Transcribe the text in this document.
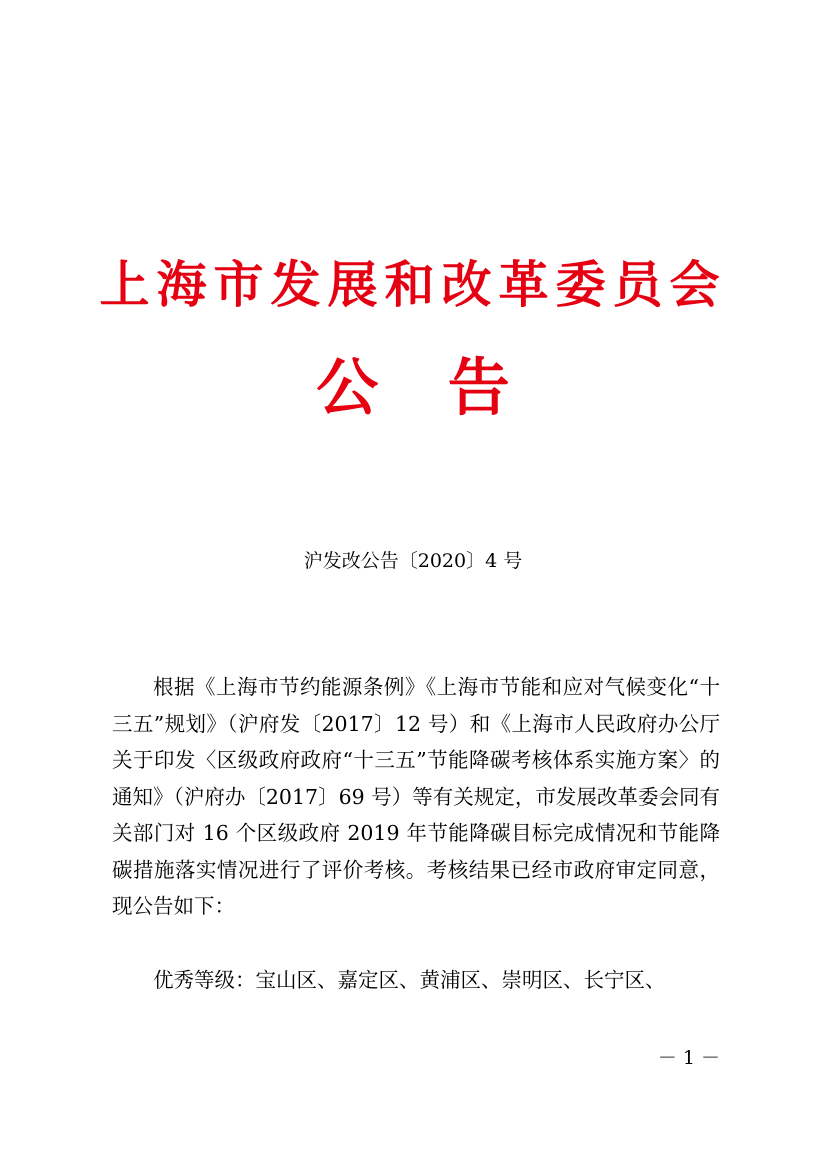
上海市发展和改革委员会
公 告

沪发改公告〔2020〕4 号

根据《上海市节约能源条例》《上海市节能和应对气候变化“十三五”规划》（沪府发〔2017〕12 号）和《上海市人民政府办公厅关于印发〈区级政府政府“十三五”节能降碳考核体系实施方案〉的通知》（沪府办〔2017〕69 号）等有关规定，市发展改革委会同有关部门对 16 个区级政府 2019 年节能降碳目标完成情况和节能降碳措施落实情况进行了评价考核。考核结果已经市政府审定同意，现公告如下：

优秀等级：宝山区、嘉定区、黄浦区、崇明区、长宁区、

－ 1 －
